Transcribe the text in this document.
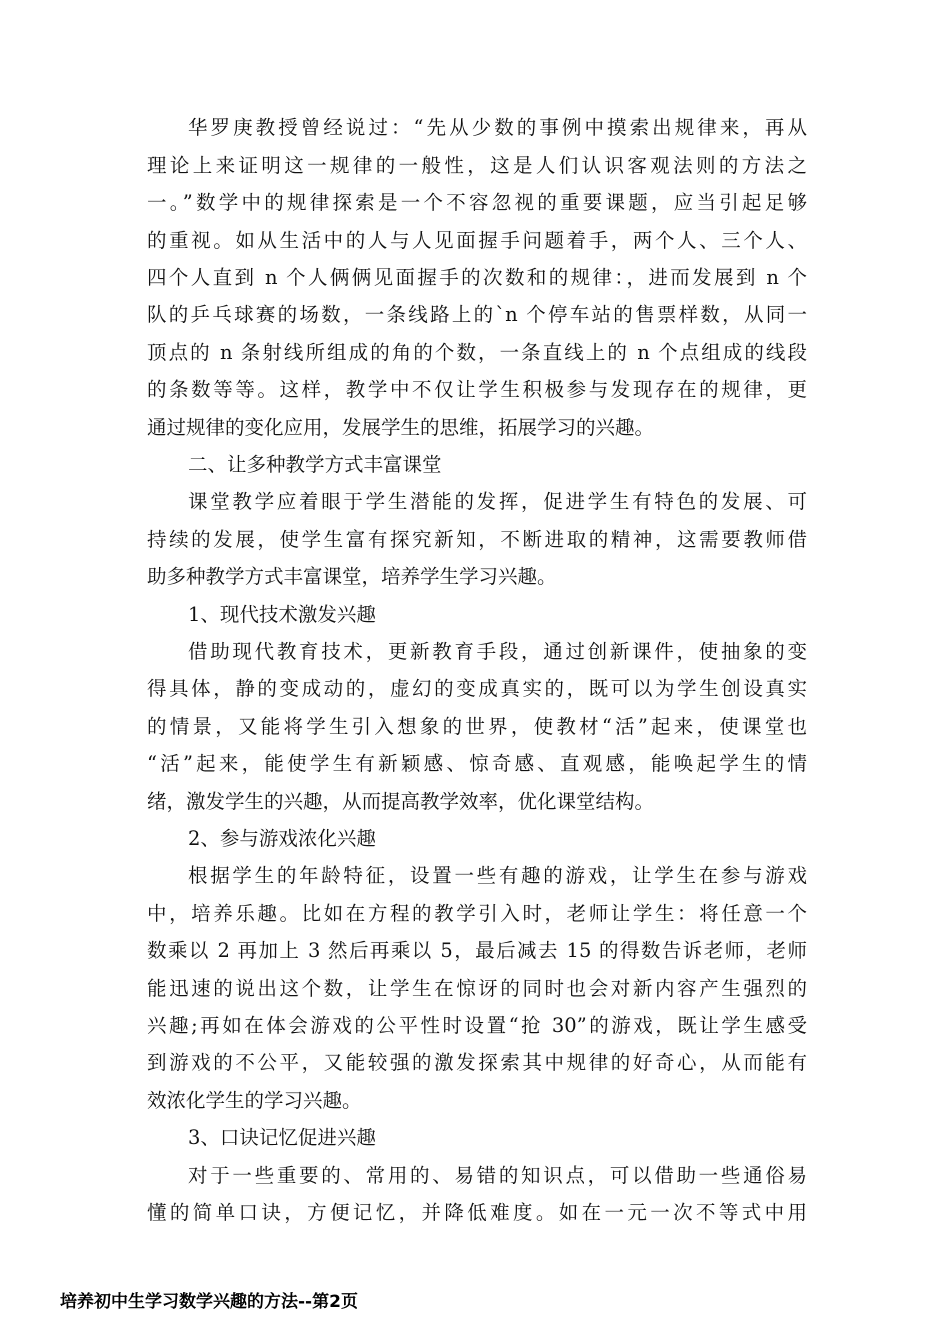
华罗庚教授曾经说过：“先从少数的事例中摸索出规律来，再从
理论上来证明这一规律的一般性，这是人们认识客观法则的方法之
一。”数学中的规律探索是一个不容忽视的重要课题，应当引起足够
的重视。如从生活中的人与人见面握手问题着手，两个人、三个人、
四个人直到 n 个人俩俩见面握手的次数和的规律：，进而发展到 n 个
队的乒乓球赛的场数，一条线路上的`n 个停车站的售票样数，从同一
顶点的 n 条射线所组成的角的个数，一条直线上的 n 个点组成的线段
的条数等等。这样，教学中不仅让学生积极参与发现存在的规律，更
通过规律的变化应用，发展学生的思维，拓展学习的兴趣。
二、让多种教学方式丰富课堂
课堂教学应着眼于学生潜能的发挥，促进学生有特色的发展、可
持续的发展，使学生富有探究新知，不断进取的精神，这需要教师借
助多种教学方式丰富课堂，培养学生学习兴趣。
1、现代技术激发兴趣
借助现代教育技术，更新教育手段，通过创新课件，使抽象的变
得具体，静的变成动的，虚幻的变成真实的，既可以为学生创设真实
的情景，又能将学生引入想象的世界，使教材“活”起来，使课堂也
“活”起来，能使学生有新颖感、惊奇感、直观感，能唤起学生的情
绪，激发学生的兴趣，从而提高教学效率，优化课堂结构。
2、参与游戏浓化兴趣
根据学生的年龄特征，设置一些有趣的游戏，让学生在参与游戏
中，培养乐趣。比如在方程的教学引入时，老师让学生：将任意一个
数乘以 2 再加上 3 然后再乘以 5，最后减去 15 的得数告诉老师，老师
能迅速的说出这个数，让学生在惊讶的同时也会对新内容产生强烈的
兴趣;再如在体会游戏的公平性时设置“抢 30”的游戏，既让学生感受
到游戏的不公平，又能较强的激发探索其中规律的好奇心，从而能有
效浓化学生的学习兴趣。
3、口诀记忆促进兴趣
对于一些重要的、常用的、易错的知识点，可以借助一些通俗易
懂的简单口诀，方便记忆，并降低难度。如在一元一次不等式中用
培养初中生学习数学兴趣的方法--第2页
